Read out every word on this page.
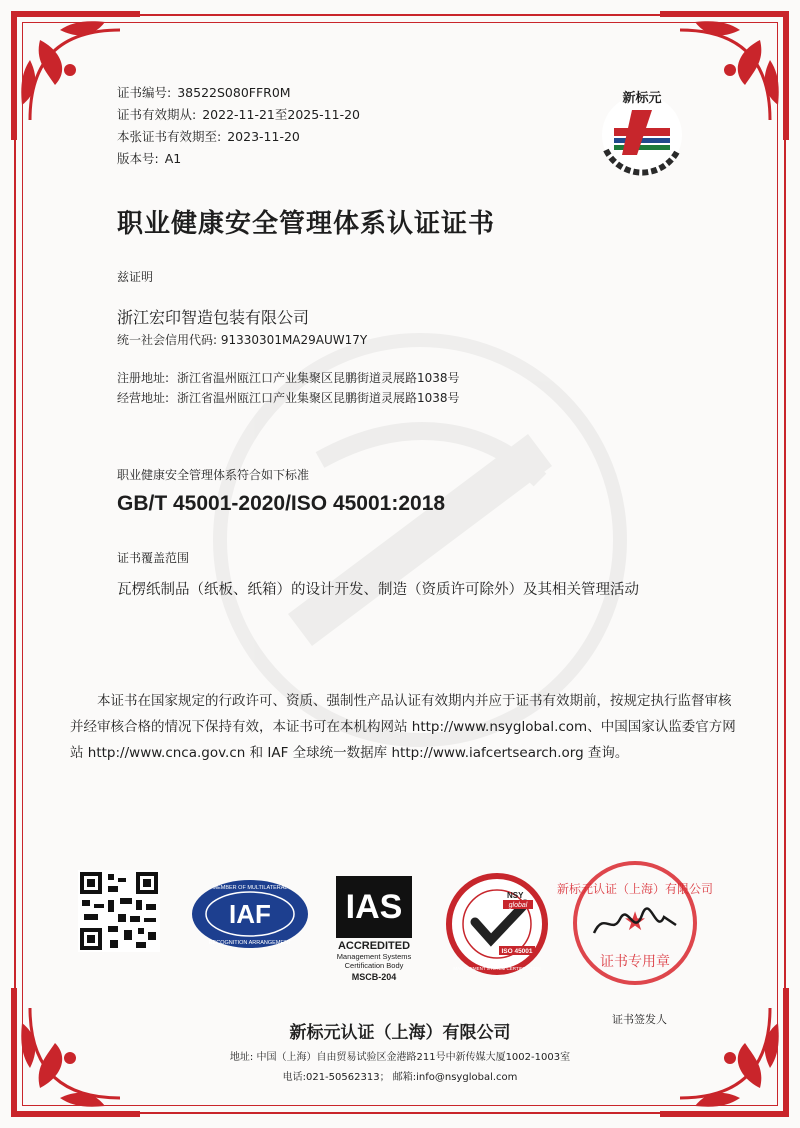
证书编号: 38522S080FFR0M
证书有效期从: 2022-11-21至2025-11-20
本张证书有效期至: 2023-11-20
版本号: A1
新标元
职业健康安全管理体系认证证书
兹证明
浙江宏印智造包装有限公司
统一社会信用代码: 91330301MA29AUW17Y
注册地址: 浙江省温州瓯江口产业集聚区昆鹏街道灵展路1038号
经营地址: 浙江省温州瓯江口产业集聚区昆鹏街道灵展路1038号
职业健康安全管理体系符合如下标准
GB/T 45001-2020/ISO 45001:2018
证书覆盖范围
瓦楞纸制品（纸板、纸箱）的设计开发、制造（资质许可除外）及其相关管理活动
本证书在国家规定的行政许可、资质、强制性产品认证有效期内并应于证书有效期前，按规定执行监督审核并经审核合格的情况下保持有效，本证书可在本机构网站 http://www.nsyglobal.com、中国国家认监委官方网站 http://www.cnca.gov.cn 和 IAF 全球统一数据库 http://www.iafcertsearch.org 查询。
IAF
MEMBER OF MULTILATERAL
RECOGNITION ARRANGEMENT
IAS
ACCREDITED
Management Systems
Certification Body
MSCB-204
NSY
global
ISO 45001
MANAGEMENT SYSTEM CERTIFICATION
新标元认证（上海）有限公司
★
证书专用章
证书签发人
新标元认证（上海）有限公司
地址: 中国（上海）自由贸易试验区金港路211号中新传媒大厦1002-1003室
电话:021-50562313； 邮箱:info@nsyglobal.com
